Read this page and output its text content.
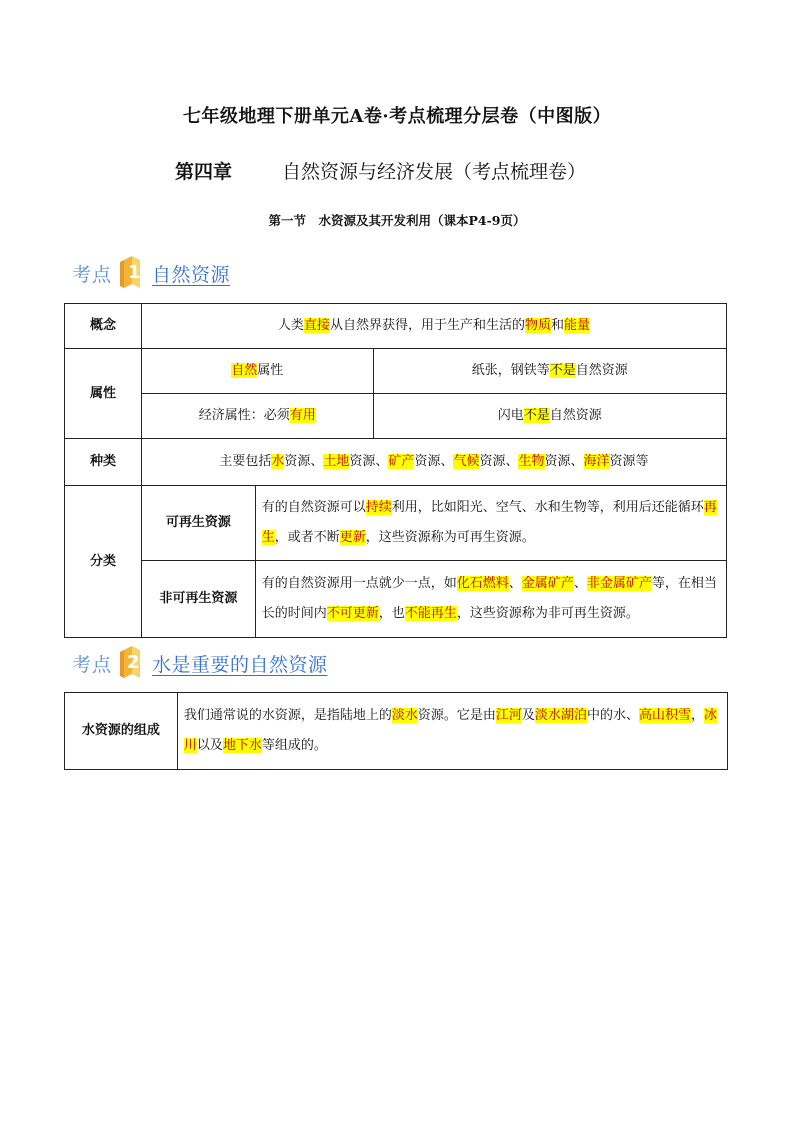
七年级地理下册单元A卷·考点梳理分层卷（中图版）
第四章	自然资源与经济发展（考点梳理卷）
第一节　水资源及其开发利用（课本P4-9页）
考点 1 自然资源
概念	人类直接从自然界获得，用于生产和生活的物质和能量		
属性	自然属性		纸张，钢铁等不是自然资源
	经济属性：必须有用		闪电不是自然资源
种类	主要包括水资源、土地资源、矿产资源、气候资源、生物资源、海洋资源等		
分类	可再生资源	有的自然资源可以持续利用，比如阳光、空气、水和生物等，利用后还能循环再生，或者不断更新，这些资源称为可再生资源。	
	非可再生资源	有的自然资源用一点就少一点，如化石燃料、金属矿产、非金属矿产等，在相当长的时间内不可更新，也不能再生，这些资源称为非可再生资源。	
考点 2 水是重要的自然资源
水资源的组成	我们通常说的水资源，是指陆地上的淡水资源。它是由江河及淡水湖泊中的水、高山积雪，冰川以及地下水等组成的。
